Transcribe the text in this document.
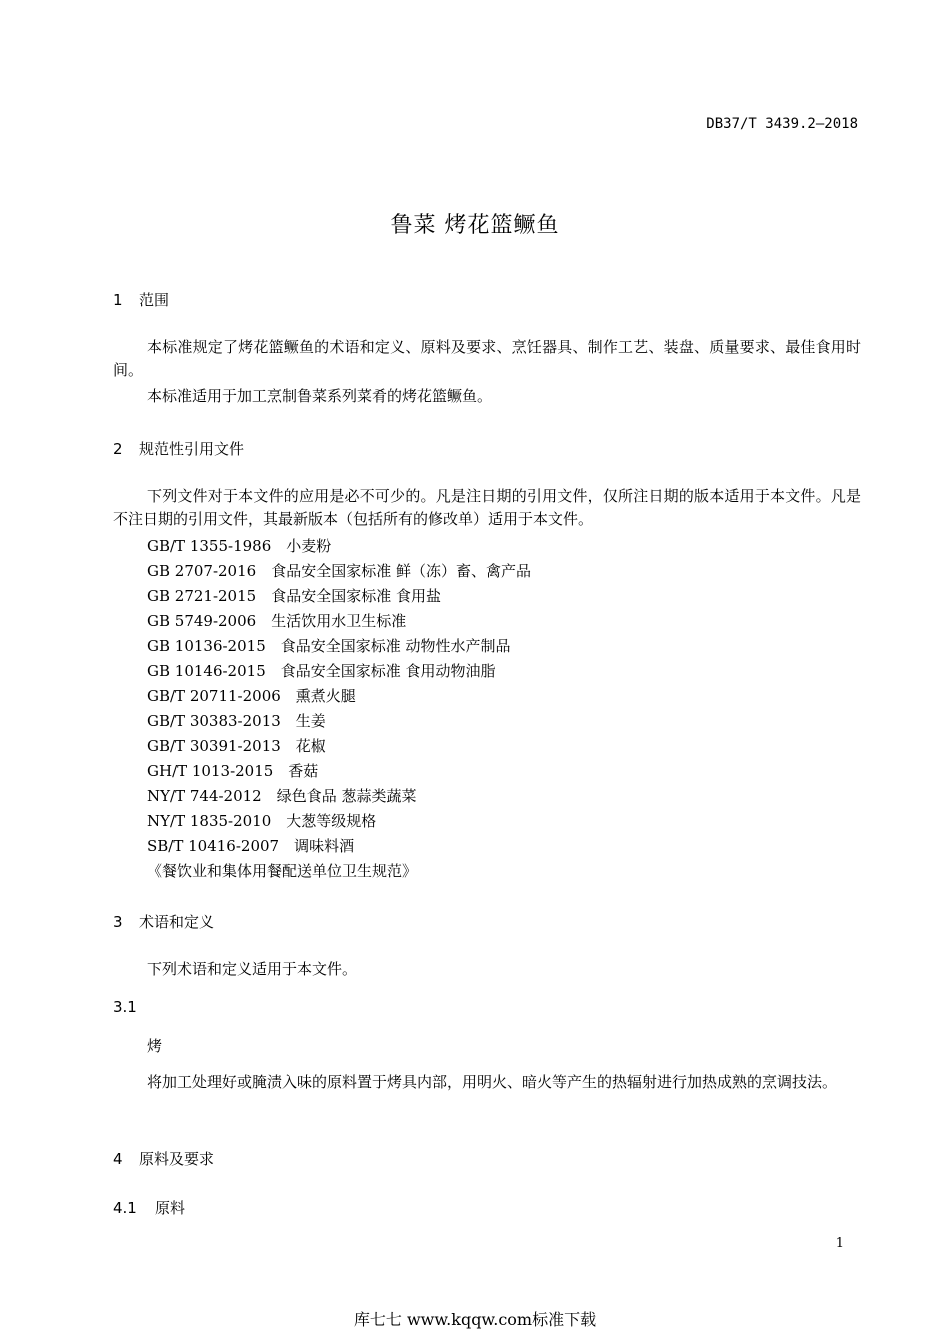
DB37/T 3439.2—2018
鲁菜 烤花篮鳜鱼
1 范围
本标准规定了烤花篮鳜鱼的术语和定义、原料及要求、烹饪器具、制作工艺、装盘、质量要求、最佳食用时间。
本标准适用于加工烹制鲁菜系列菜肴的烤花篮鳜鱼。
2 规范性引用文件
下列文件对于本文件的应用是必不可少的。凡是注日期的引用文件，仅所注日期的版本适用于本文件。凡是不注日期的引用文件，其最新版本（包括所有的修改单）适用于本文件。
GB/T 1355-1986　小麦粉
GB 2707-2016　食品安全国家标准 鲜（冻）畜、禽产品
GB 2721-2015　食品安全国家标准 食用盐
GB 5749-2006　生活饮用水卫生标准
GB 10136-2015　食品安全国家标准 动物性水产制品
GB 10146-2015　食品安全国家标准 食用动物油脂
GB/T 20711-2006　熏煮火腿
GB/T 30383-2013　生姜
GB/T 30391-2013　花椒
GH/T 1013-2015　香菇
NY/T 744-2012　绿色食品 葱蒜类蔬菜
NY/T 1835-2010　大葱等级规格
SB/T 10416-2007　调味料酒
《餐饮业和集体用餐配送单位卫生规范》
3 术语和定义
下列术语和定义适用于本文件。
3.1
烤
将加工处理好或腌渍入味的原料置于烤具内部，用明火、暗火等产生的热辐射进行加热成熟的烹调技法。
4 原料及要求
4.1 原料
1
库七七 www.kqqw.com标准下载
